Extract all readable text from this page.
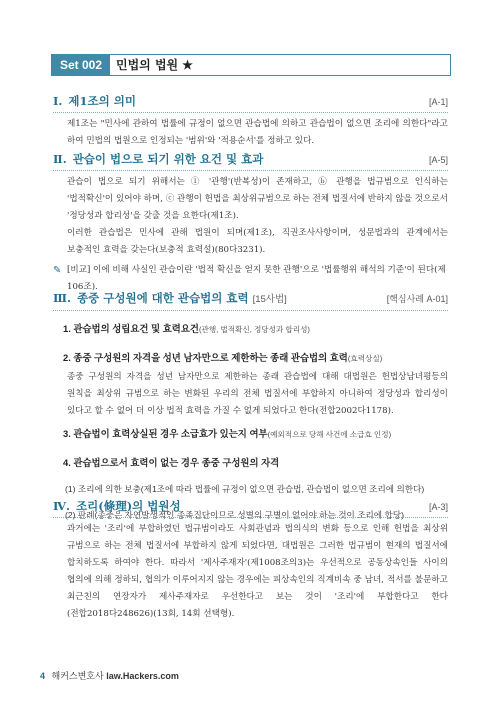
Set 002	민법의 법원 ★
Ⅰ. 제1조의 의미	[A-1]
제1조는 "민사에 관하여 법률에 규정이 없으면 관습법에 의하고 관습법이 없으면 조리에 의한다"라고 하여 민법의 법원으로 인정되는 '범위'와 '적용순서'를 정하고 있다.
Ⅱ. 관습이 법으로 되기 위한 요건 및 효과	[A-5]
관습이 법으로 되기 위해서는 ① '관행'(반복성)이 존재하고, ⓑ 관행을 법규범으로 인식하는 '법적확신'이 있어야 하며, ⓒ 관행이 헌법을 최상위규범으로 하는 전체 법질서에 반하지 않을 것으로서 '정당성과 합리성'을 갖출 것을 요한다(제1조).
이러한 관습법은 민사에 관해 법원이 되며(제1조), 직권조사사항이며, 성문법과의 관계에서는 보충적인 효력을 갖는다(보충적 효력설)(80다3231).
✎ [비교] 이에 비해 사실인 관습이란 '법적 확신을 얻지 못한 관행'으로 '법률행위 해석의 기준'이 된다(제106조).
Ⅲ. 종중 구성원에 대한 관습법의 효력 [15사법]	[핵심사례 A-01]
1. 관습법의 성립요건 및 효력요건(관행, 법적확신, 정당성과 합리성)
2. 종중 구성원의 자격을 성년 남자만으로 제한하는 종래 관습법의 효력(효력상실)
종중 구성원의 자격을 성년 남자만으로 제한하는 종래 관습법에 대해 대법원은 헌법상남녀평등의 원칙을 최상위 규범으로 하는 변화된 우리의 전체 법질서에 부합하지 아니하여 정당성과 합리성이 있다고 할 수 없어 더 이상 법적 효력을 가질 수 없게 되었다고 한다(전합2002다1178).
3. 관습법이 효력상실된 경우 소급효가 있는지 여부(예외적으로 당해 사건에 소급효 인정)
4. 관습법으로서 효력이 없는 경우 종중 구성원의 자격
(1) 조리에 의한 보충(제1조에 따라 법률에 규정이 없으면 관습법, 관습법이 없으면 조리에 의한다)
(2) 판례(종중은 자연발생적인 종족집단이므로 성별의 구별이 없어야 하는 것이 조리에 합당)
Ⅳ. 조리(條理)의 법원성	[A-3]
과거에는 '조리'에 부합하였던 법규범이라도 사회관념과 법의식의 변화 등으로 인해 헌법을 최상위 규범으로 하는 전체 법질서에 부합하지 않게 되었다면, 대법원은 그러한 법규범이 현재의 법질서에 합치하도록 하여야 한다. 따라서 '제사주재자'(제1008조의3)는 우선적으로 공동상속인들 사이의 협의에 의해 정하되, 협의가 이루어지지 않는 경우에는 피상속인의 직계비속 중 남녀, 적서를 불문하고 최근친의 연장자가 제사주재자로 우선한다고 보는 것이 '조리'에 부합한다고 한다(전합2018다248626)(13회, 14회 선택형).
4 해커스변호사 law.Hackers.com
